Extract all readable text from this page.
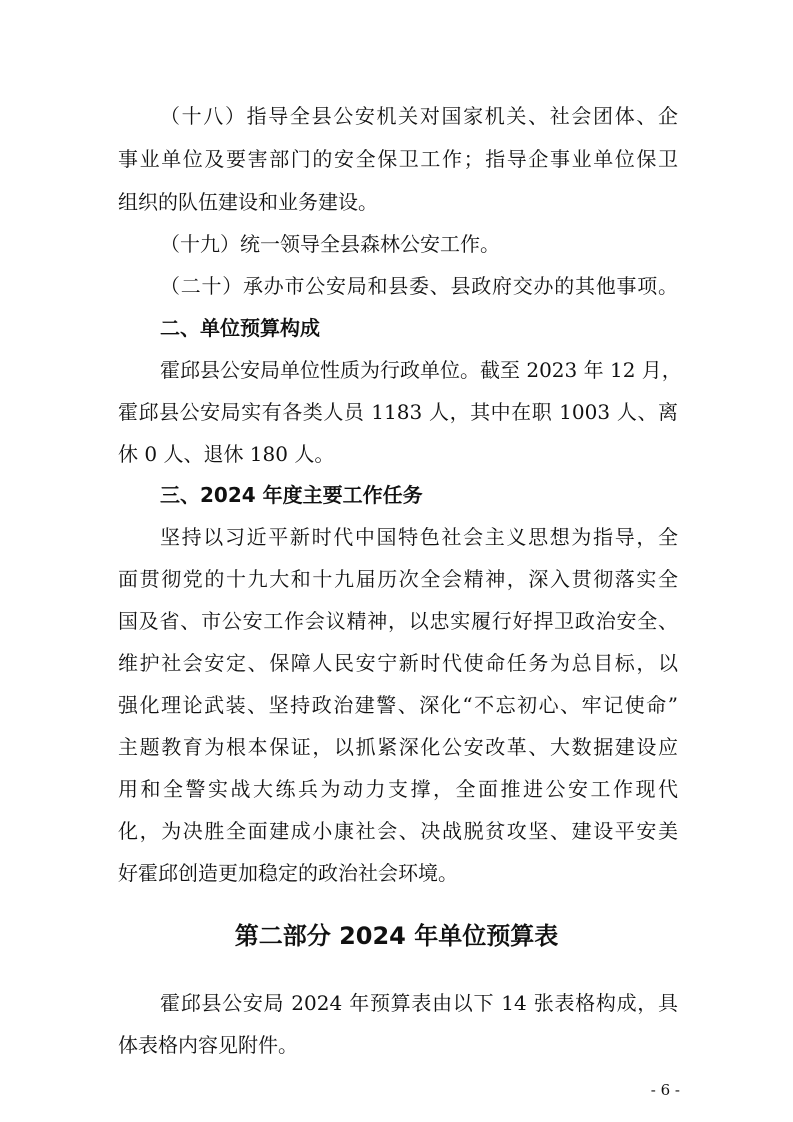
（十八）指导全县公安机关对国家机关、社会团体、企
事业单位及要害部门的安全保卫工作；指导企事业单位保卫
组织的队伍建设和业务建设。
（十九）统一领导全县森林公安工作。
（二十）承办市公安局和县委、县政府交办的其他事项。
二、单位预算构成
霍邱县公安局单位性质为行政单位。截至 2023 年 12 月，
霍邱县公安局实有各类人员 1183 人，其中在职 1003 人、离
休 0 人、退休 180 人。
三、2024 年度主要工作任务
坚持以习近平新时代中国特色社会主义思想为指导，全
面贯彻党的十九大和十九届历次全会精神，深入贯彻落实全
国及省、市公安工作会议精神，以忠实履行好捍卫政治安全、
维护社会安定、保障人民安宁新时代使命任务为总目标，以
强化理论武装、坚持政治建警、深化“不忘初心、牢记使命”
主题教育为根本保证，以抓紧深化公安改革、大数据建设应
用和全警实战大练兵为动力支撑，全面推进公安工作现代
化，为决胜全面建成小康社会、决战脱贫攻坚、建设平安美
好霍邱创造更加稳定的政治社会环境。
第二部分 2024 年单位预算表
霍邱县公安局 2024 年预算表由以下 14 张表格构成，具
体表格内容见附件。
- 6 -
